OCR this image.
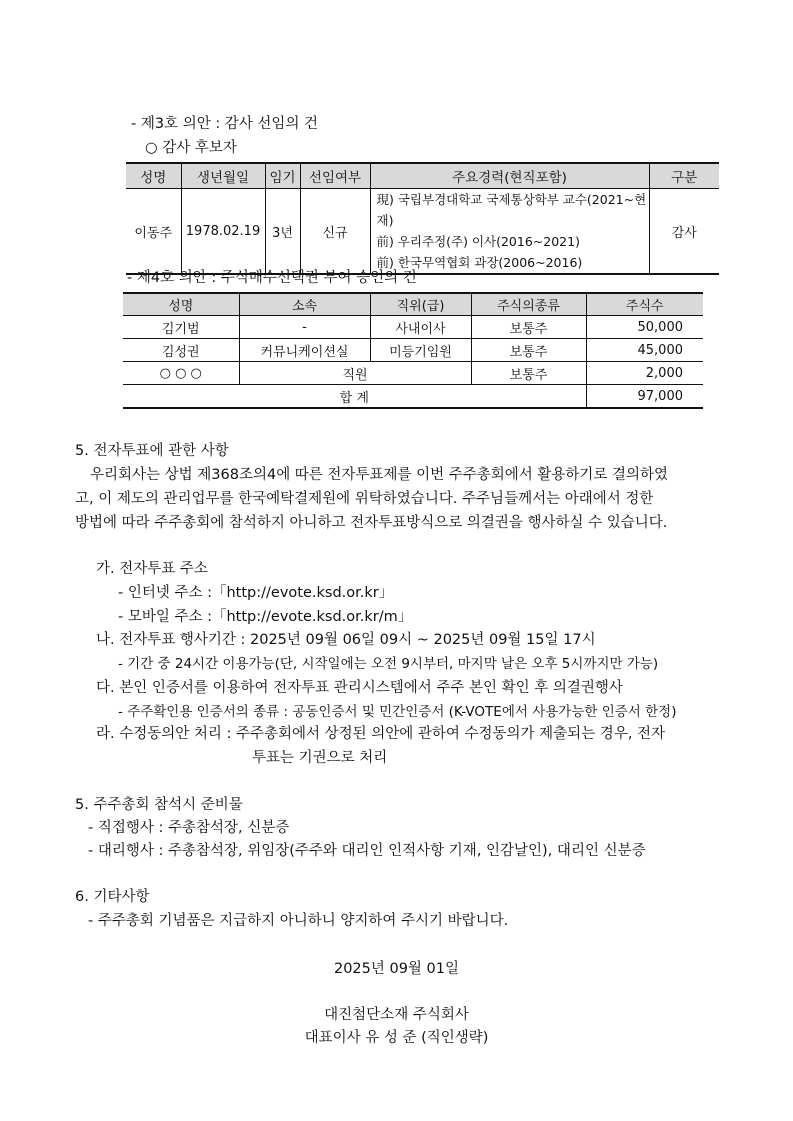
- 제3호 의안 : 감사 선임의 건
○ 감사 후보자
성명	생년월일	임기	선임여부	주요경력(현직포함)	구분
이동주	1978.02.19	3년	신규	現) 국립부경대학교 국제통상학부 교수(2021~현재)
前) 우리주정(주) 이사(2016~2021)
前) 한국무역협회 과장(2006~2016)	감사
- 제4호 의안 : 주식매수선택권 부여 승인의 건
성명	소속	직위(급)	주식의종류	주식수
김기범	-	사내이사	보통주	50,000
김성권	커뮤니케이션실	미등기임원	보통주	45,000
○ ○ ○	직원		보통주	2,000
합 계				97,000
5. 전자투표에 관한 사항
우리회사는 상법 제368조의4에 따른 전자투표제를 이번 주주총회에서 활용하기로 결의하였
고, 이 제도의 관리업무를 한국예탁결제원에 위탁하였습니다. 주주님들께서는 아래에서 정한
방법에 따라 주주총회에 참석하지 아니하고 전자투표방식으로 의결권을 행사하실 수 있습니다.
가. 전자투표 주소
- 인터넷 주소 :「http://evote.ksd.or.kr」
- 모바일 주소 :「http://evote.ksd.or.kr/m」
나. 전자투표 행사기간 : 2025년 09월 06일 09시 ~ 2025년 09월 15일 17시
- 기간 중 24시간 이용가능(단, 시작일에는 오전 9시부터, 마지막 날은 오후 5시까지만 가능)
다. 본인 인증서를 이용하여 전자투표 관리시스템에서 주주 본인 확인 후 의결권행사
- 주주확인용 인증서의 종류 : 공동인증서 및 민간인증서 (K-VOTE에서 사용가능한 인증서 한정)
라. 수정동의안 처리 : 주주총회에서 상정된 의안에 관하여 수정동의가 제출되는 경우, 전자
투표는 기권으로 처리
5. 주주총회 참석시 준비물
- 직접행사 : 주총참석장, 신분증
- 대리행사 : 주총참석장, 위임장(주주와 대리인 인적사항 기재, 인감날인), 대리인 신분증
6. 기타사항
- 주주총회 기념품은 지급하지 아니하니 양지하여 주시기 바랍니다.
2025년 09월 01일
대진첨단소재 주식회사
대표이사 유 성 준 (직인생략)
